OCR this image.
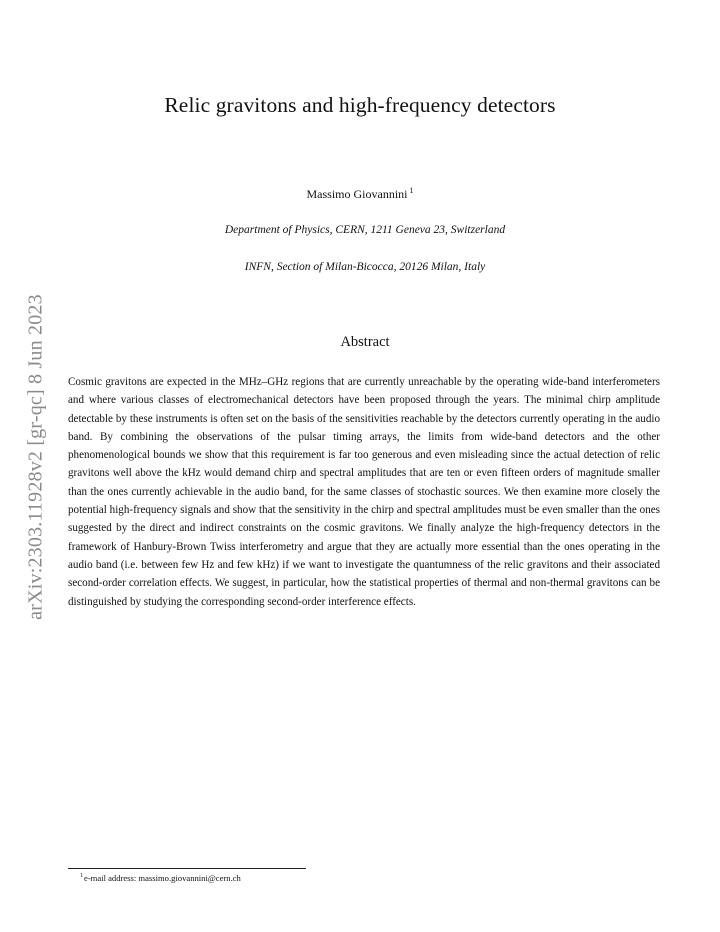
arXiv:2303.11928v2 [gr-qc] 8 Jun 2023
Relic gravitons and high-frequency detectors
Massimo Giovannini $^1$
Department of Physics, CERN, 1211 Geneva 23, Switzerland
INFN, Section of Milan-Bicocca, 20126 Milan, Italy
Abstract

Cosmic gravitons are expected in the MHz–GHz regions that are currently unreachable by the operating wide-band interferometers and where various classes of electromechanical detectors have been proposed through the years. The minimal chirp amplitude detectable by these instruments is often set on the basis of the sensitivities reachable by the detectors currently operating in the audio band. By combining the observations of the pulsar timing arrays, the limits from wide-band detectors and the other phenomenological bounds we show that this requirement is far too generous and even misleading since the actual detection of relic gravitons well above the kHz would demand chirp and spectral amplitudes that are ten or even fifteen orders of magnitude smaller than the ones currently achievable in the audio band, for the same classes of stochastic sources. We then examine more closely the potential high-frequency signals and show that the sensitivity in the chirp and spectral amplitudes must be even smaller than the ones suggested by the direct and indirect constraints on the cosmic gravitons. We finally analyze the high-frequency detectors in the framework of Hanbury-Brown Twiss interferometry and argue that they are actually more essential than the ones operating in the audio band (i.e. between few Hz and few kHz) if we want to investigate the quantumness of the relic gravitons and their associated second-order correlation effects. We suggest, in particular, how the statistical properties of thermal and non-thermal gravitons can be distinguished by studying the corresponding second-order interference effects.

$^1$e-mail address: massimo.giovannini@cern.ch
